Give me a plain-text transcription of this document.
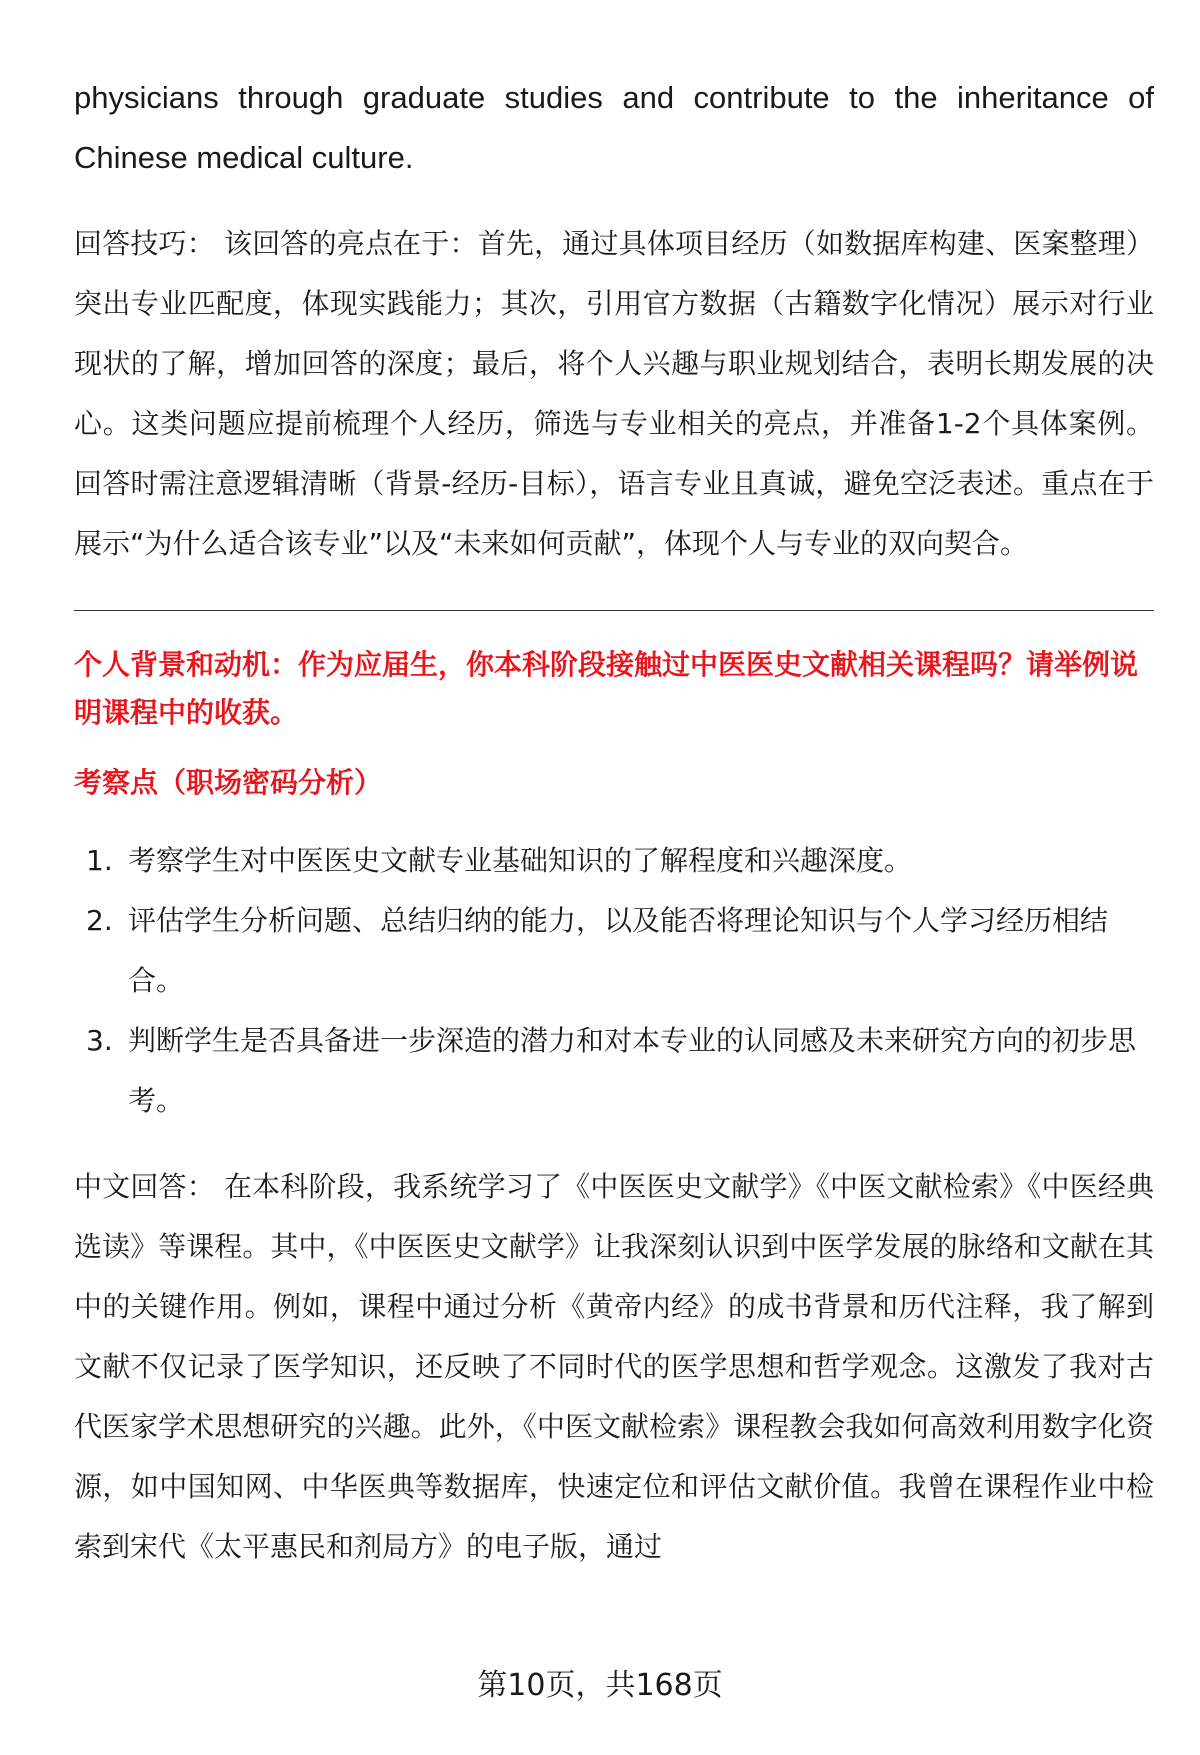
physicians through graduate studies and contribute to the inheritance of Chinese medical culture.

回答技巧： 该回答的亮点在于：首先，通过具体项目经历（如数据库构建、医案整理）突出专业匹配度，体现实践能力；其次，引用官方数据（古籍数字化情况）展示对行业现状的了解，增加回答的深度；最后，将个人兴趣与职业规划结合，表明长期发展的决心。这类问题应提前梳理个人经历，筛选与专业相关的亮点，并准备1-2个具体案例。回答时需注意逻辑清晰（背景-经历-目标），语言专业且真诚，避免空泛表述。重点在于展示“为什么适合该专业”以及“未来如何贡献”，体现个人与专业的双向契合。

个人背景和动机：作为应届生，你本科阶段接触过中医医史文献相关课程吗？请举例说明课程中的收获。

考察点（职场密码分析）

1. 考察学生对中医医史文献专业基础知识的了解程度和兴趣深度。
2. 评估学生分析问题、总结归纳的能力，以及能否将理论知识与个人学习经历相结合。
3. 判断学生是否具备进一步深造的潜力和对本专业的认同感及未来研究方向的初步思考。

中文回答： 在本科阶段，我系统学习了《中医医史文献学》《中医文献检索》《中医经典选读》等课程。其中，《中医医史文献学》让我深刻认识到中医学发展的脉络和文献在其中的关键作用。例如，课程中通过分析《黄帝内经》的成书背景和历代注释，我了解到文献不仅记录了医学知识，还反映了不同时代的医学思想和哲学观念。这激发了我对古代医家学术思想研究的兴趣。此外，《中医文献检索》课程教会我如何高效利用数字化资源，如中国知网、中华医典等数据库，快速定位和评估文献价值。我曾在课程作业中检索到宋代《太平惠民和剂局方》的电子版，通过

第10页，共168页
